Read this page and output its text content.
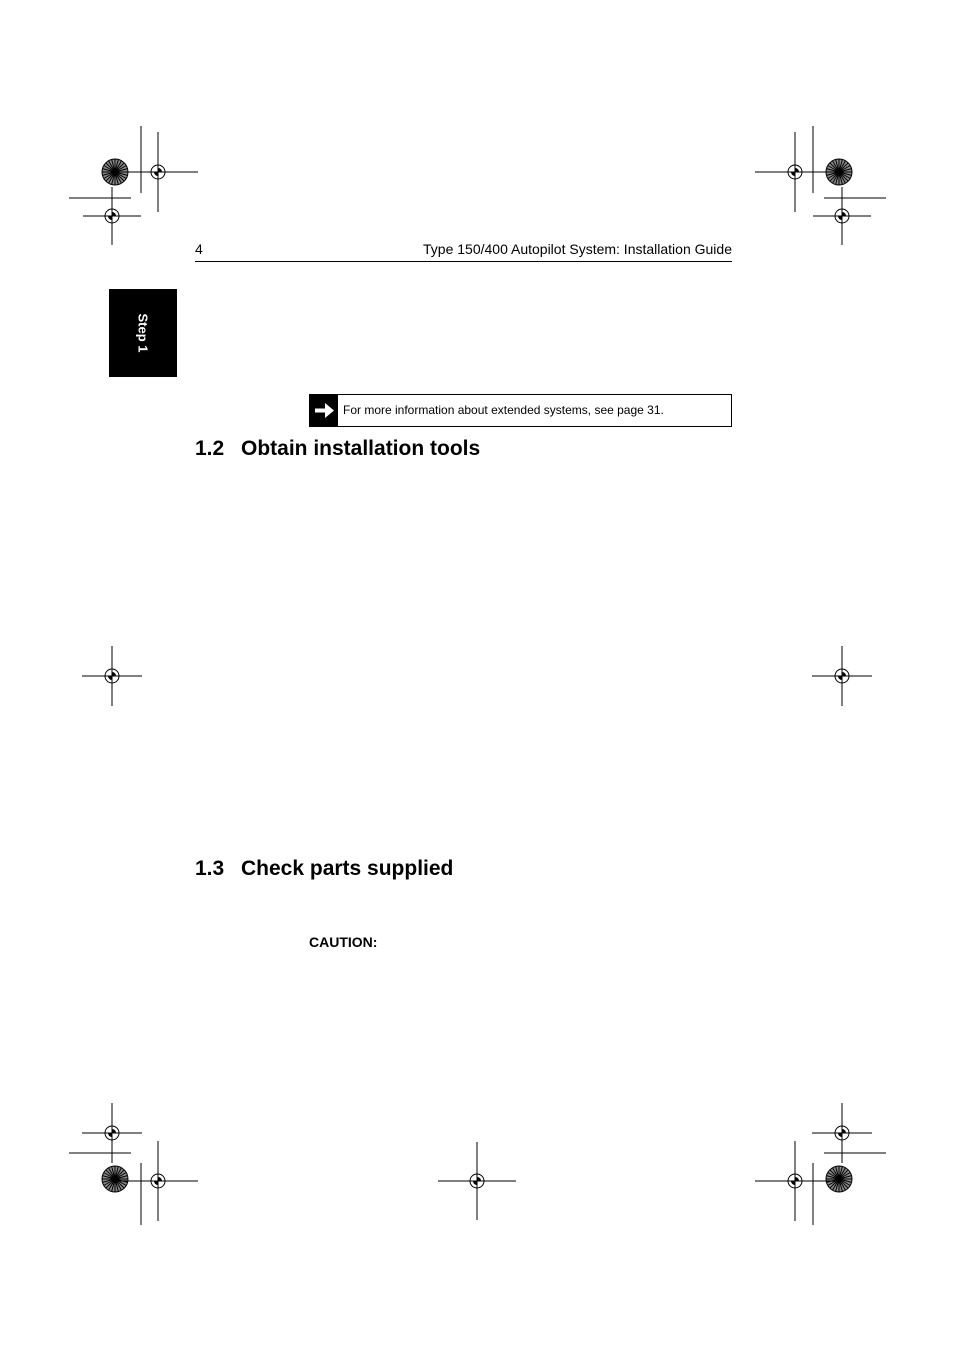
4	Type 150/400 Autopilot System: Installation Guide
Step 1
For more information about extended systems, see page 31.
1.2 Obtain installation tools
1.3 Check parts supplied
CAUTION:
